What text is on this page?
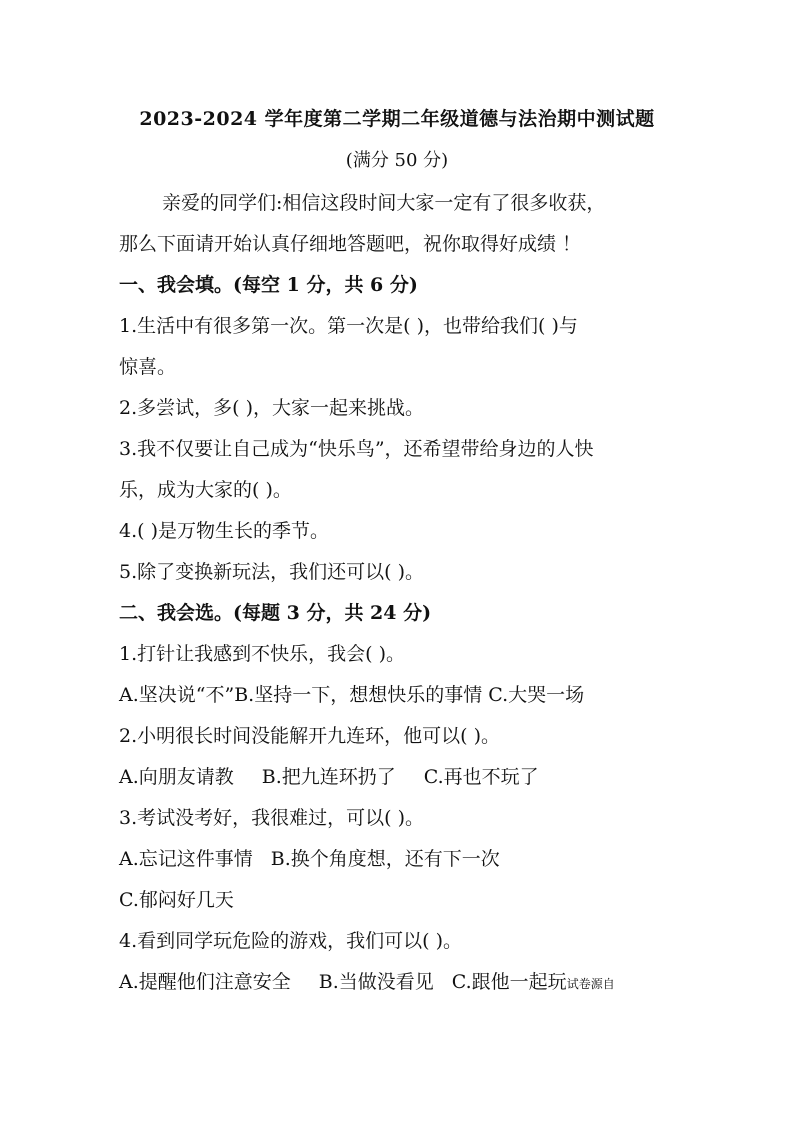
2023-2024 学年度第二学期二年级道德与法治期中测试题
(满分 50 分)
亲爱的同学们:相信这段时间大家一定有了很多收获，
那么下面请开始认真仔细地答题吧，祝你取得好成绩 ！
一、我会填。(每空 1 分，共 6 分)
1.生活中有很多第一次。第一次是( )，也带给我们( )与
惊喜。
2.多尝试，多( )，大家一起来挑战。
3.我不仅要让自己成为“快乐鸟”，还希望带给身边的人快
乐，成为大家的( )。
4.( )是万物生长的季节。
5.除了变换新玩法，我们还可以( )。
二、我会选。(每题 3 分，共 24 分)
1.打针让我感到不快乐，我会( )。
A.坚决说“不”B.坚持一下，想想快乐的事情 C.大哭一场
2.小明很长时间没能解开九连环，他可以( )。
A.向朋友请教 B.把九连环扔了 C.再也不玩了
3.考试没考好，我很难过，可以( )。
A.忘记这件事情 B.换个角度想，还有下一次
C.郁闷好几天
4.看到同学玩危险的游戏，我们可以( )。
A.提醒他们注意安全 B.当做没看见 C.跟他一起玩试卷源自
